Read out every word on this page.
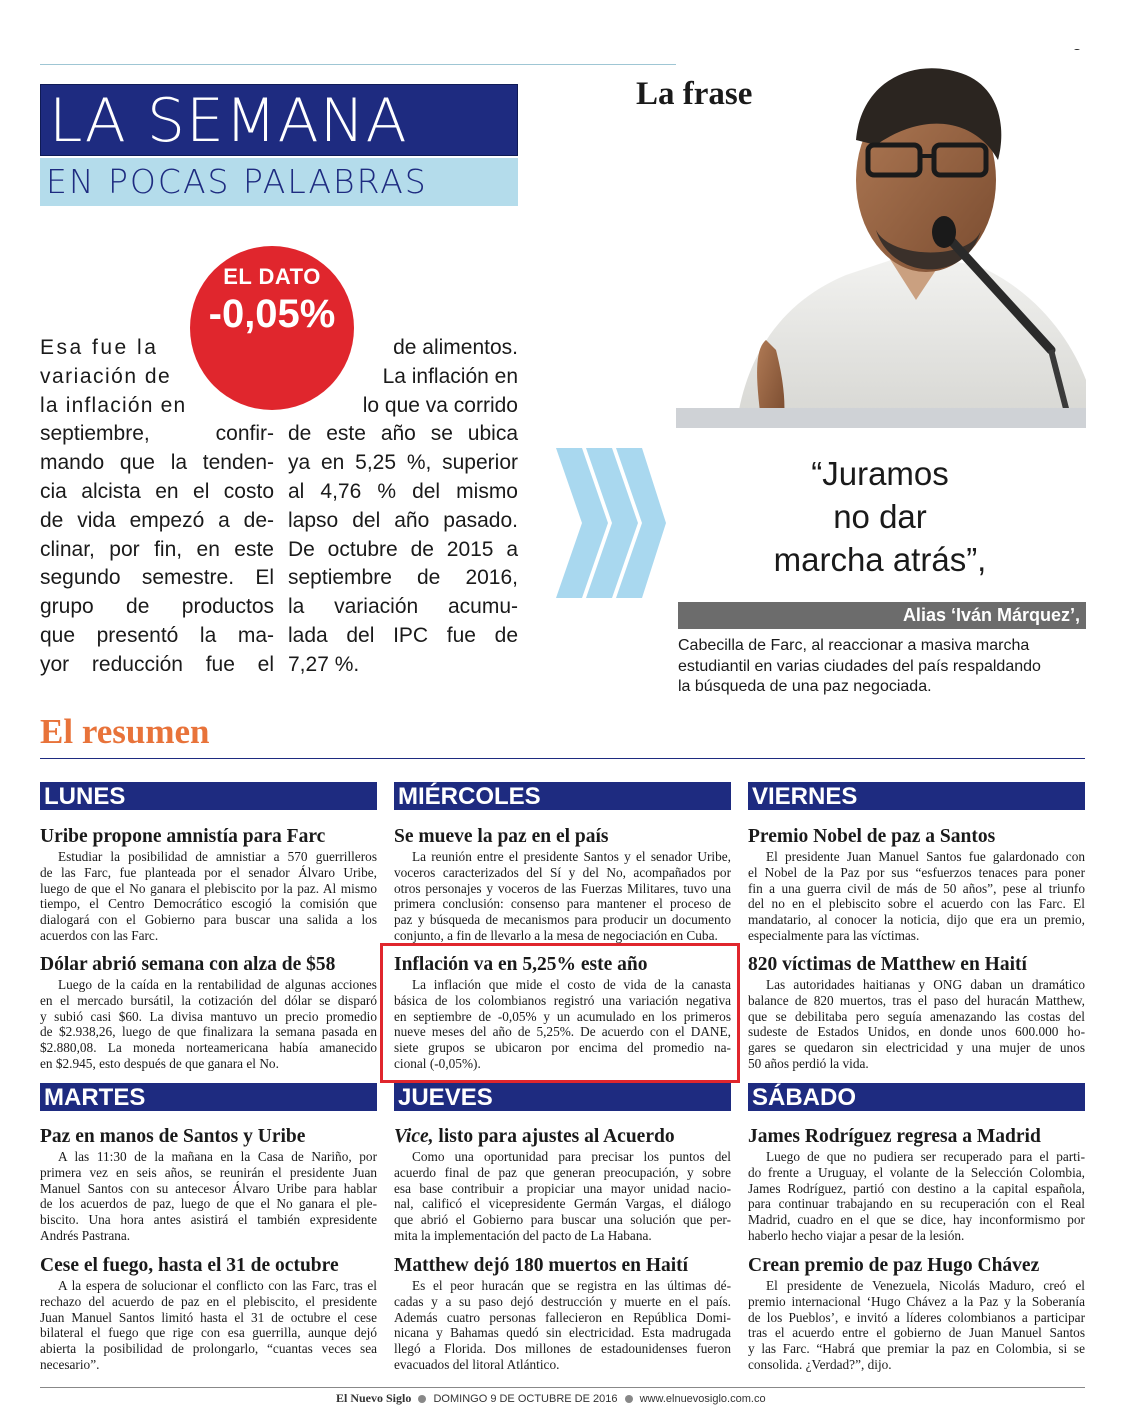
LA SEMANA
EN POCAS PALABRAS
Esa fue la
variación de
la inflación en
septiembre, confir-
mando que la tenden-
cia alcista en el costo
de vida empezó a de-
clinar, por fin, en este
segundo semestre. El
grupo de productos
que presentó la ma-
yor reducción fue el
de alimentos.
La inflación en
lo que va corrido
de este año se ubica
ya en 5,25 %, superior
al 4,76 % del mismo
lapso del año pasado.
De octubre de 2015 a
septiembre de 2016,
la variación acumu-
lada del IPC fue de
7,27 %.
EL DATO
-0,05%
La frase
“Juramos
no dar
marcha atrás”,
Alias ‘Iván Márquez’,
Cabecilla de Farc, al reaccionar a masiva marcha
estudiantil en varias ciudades del país respaldando
la búsqueda de una paz negociada.
El resumen
LUNES	MIÉRCOLES	VIERNES
MARTES	JUEVES	SÁBADO
Uribe propone amnistía para Farc
Estudiar la posibilidad de amnistiar a 570 guerrilleros
de las Farc, fue planteada por el senador Álvaro Uribe,
luego de que el No ganara el plebiscito por la paz. Al mismo
tiempo, el Centro Democrático escogió la comisión que
dialogará con el Gobierno para buscar una salida a los
acuerdos con las Farc.
Dólar abrió semana con alza de $58
Luego de la caída en la rentabilidad de algunas acciones
en el mercado bursátil, la cotización del dólar se disparó
y subió casi $60. La divisa mantuvo un precio promedio
de $2.938,26, luego de que finalizara la semana pasada en
$2.880,08. La moneda norteamericana había amanecido
en $2.945, esto después de que ganara el No.
Paz en manos de Santos y Uribe
A las 11:30 de la mañana en la Casa de Nariño, por
primera vez en seis años, se reunirán el presidente Juan
Manuel Santos con su antecesor Álvaro Uribe para hablar
de los acuerdos de paz, luego de que el No ganara el ple-
biscito. Una hora antes asistirá el también expresidente
Andrés Pastrana.
Cese el fuego, hasta el 31 de octubre
A la espera de solucionar el conflicto con las Farc, tras el
rechazo del acuerdo de paz en el plebiscito, el presidente
Juan Manuel Santos limitó hasta el 31 de octubre el cese
bilateral el fuego que rige con esa guerrilla, aunque dejó
abierta la posibilidad de prolongarlo, “cuantas veces sea
necesario”.
Se mueve la paz en el país
La reunión entre el presidente Santos y el senador Uribe,
voceros caracterizados del Sí y del No, acompañados por
otros personajes y voceros de las Fuerzas Militares, tuvo una
primera conclusión: consenso para mantener el proceso de
paz y búsqueda de mecanismos para producir un documento
conjunto, a fin de llevarlo a la mesa de negociación en Cuba.
Inflación va en 5,25% este año
La inflación que mide el costo de vida de la canasta
básica de los colombianos registró una variación negativa
en septiembre de -0,05% y un acumulado en los primeros
nueve meses del año de 5,25%. De acuerdo con el DANE,
siete grupos se ubicaron por encima del promedio na-
cional (-0,05%).
Vice, listo para ajustes al Acuerdo
Como una oportunidad para precisar los puntos del
acuerdo final de paz que generan preocupación, y sobre
esa base contribuir a propiciar una mayor unidad nacio-
nal, calificó el vicepresidente Germán Vargas, el diálogo
que abrió el Gobierno para buscar una solución que per-
mita la implementación del pacto de La Habana.
Matthew dejó 180 muertos en Haití
Es el peor huracán que se registra en las últimas dé-
cadas y a su paso dejó destrucción y muerte en el país.
Además cuatro personas fallecieron en República Domi-
nicana y Bahamas quedó sin electricidad. Esta madrugada
llegó a Florida. Dos millones de estadounidenses fueron
evacuados del litoral Atlántico.
Premio Nobel de paz a Santos
El presidente Juan Manuel Santos fue galardonado con
el Nobel de la Paz por sus “esfuerzos tenaces para poner
fin a una guerra civil de más de 50 años”, pese al triunfo
del no en el plebiscito sobre el acuerdo con las Farc. El
mandatario, al conocer la noticia, dijo que era un premio,
especialmente para las víctimas.
820 víctimas de Matthew en Haití
Las autoridades haitianas y ONG daban un dramático
balance de 820 muertos, tras el paso del huracán Matthew,
que se debilitaba pero seguía amenazando las costas del
sudeste de Estados Unidos, en donde unos 600.000 ho-
gares se quedaron sin electricidad y una mujer de unos
50 años perdió la vida.
James Rodríguez regresa a Madrid
Luego de que no pudiera ser recuperado para el parti-
do frente a Uruguay, el volante de la Selección Colombia,
James Rodríguez, partió con destino a la capital española,
para continuar trabajando en su recuperación con el Real
Madrid, cuadro en el que se dice, hay inconformismo por
haberlo hecho viajar a pesar de la lesión.
Crean premio de paz Hugo Chávez
El presidente de Venezuela, Nicolás Maduro, creó el
premio internacional ‘Hugo Chávez a la Paz y la Soberanía
de los Pueblos’, e invitó a líderes colombianos a participar
tras el acuerdo entre el gobierno de Juan Manuel Santos
y las Farc. “Habrá que premiar la paz en Colombia, si se
consolida. ¿Verdad?”, dijo.
El Nuevo Siglo DOMINGO 9 DE OCTUBRE DE 2016 www.elnuevosiglo.com.co
